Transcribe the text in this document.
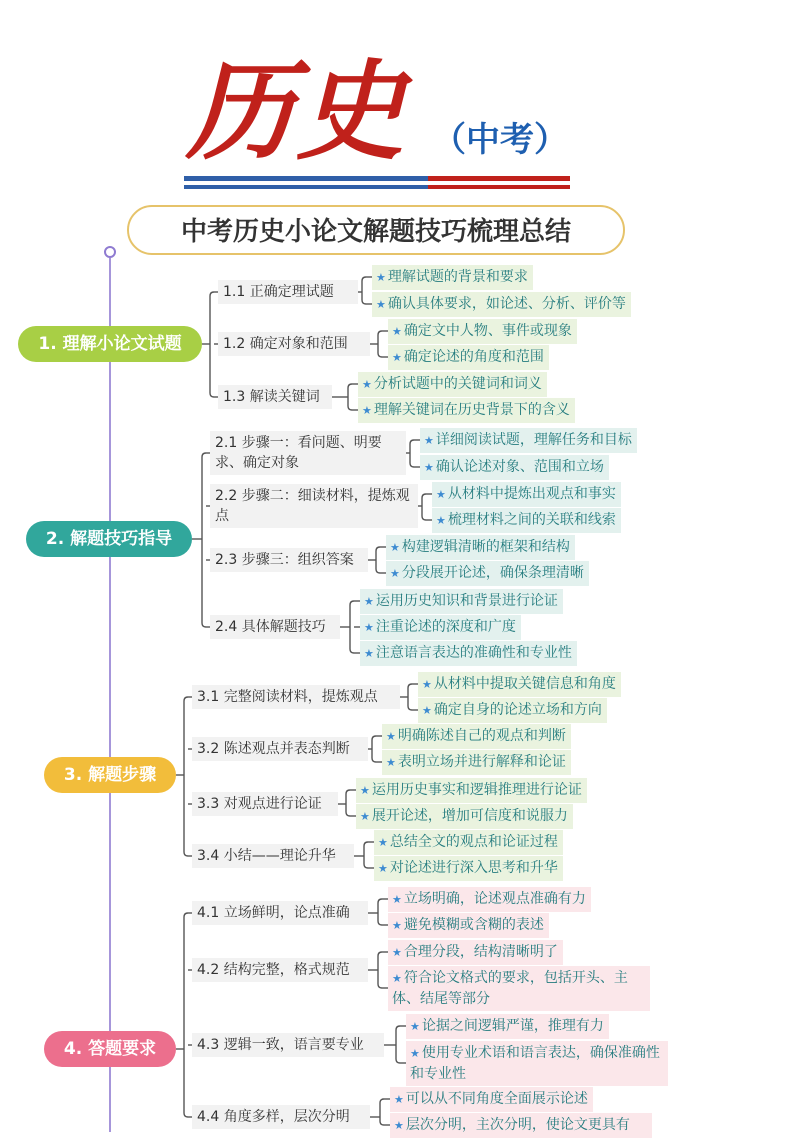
历史 （中考）
中考历史小论文解题技巧梳理总结
1. 理解小论文试题
1.1 正确定理试题
★ 理解试题的背景和要求
★ 确认具体要求，如论述、分析、评价等
1.2 确定对象和范围
★ 确定文中人物、事件或现象
★ 确定论述的角度和范围
1.3 解读关键词
★ 分析试题中的关键词和词义
★ 理解关键词在历史背景下的含义
2. 解题技巧指导
2.1 步骤一：看问题、明要求、确定对象
★ 详细阅读试题，理解任务和目标
★ 确认论述对象、范围和立场
2.2 步骤二：细读材料，提炼观点
★ 从材料中提炼出观点和事实
★ 梳理材料之间的关联和线索
2.3 步骤三：组织答案
★ 构建逻辑清晰的框架和结构
★ 分段展开论述，确保条理清晰
2.4 具体解题技巧
★ 运用历史知识和背景进行论证
★ 注重论述的深度和广度
★ 注意语言表达的准确性和专业性
3. 解题步骤
3.1 完整阅读材料，提炼观点
★ 从材料中提取关键信息和角度
★ 确定自身的论述立场和方向
3.2 陈述观点并表态判断
★ 明确陈述自己的观点和判断
★ 表明立场并进行解释和论证
3.3 对观点进行论证
★ 运用历史事实和逻辑推理进行论证
★ 展开论述，增加可信度和说服力
3.4 小结——理论升华
★ 总结全文的观点和论证过程
★ 对论述进行深入思考和升华
4. 答题要求
4.1 立场鲜明，论点准确
★ 立场明确，论述观点准确有力
★ 避免模糊或含糊的表述
4.2 结构完整，格式规范
★ 合理分段，结构清晰明了
★ 符合论文格式的要求，包括开头、主体、结尾等部分
4.3 逻辑一致，语言要专业
★ 论据之间逻辑严谨，推理有力
★ 使用专业术语和语言表达，确保准确性和专业性
4.4 角度多样，层次分明
★ 可以从不同角度全面展示论述
★ 层次分明，主次分明，使论文更具有
